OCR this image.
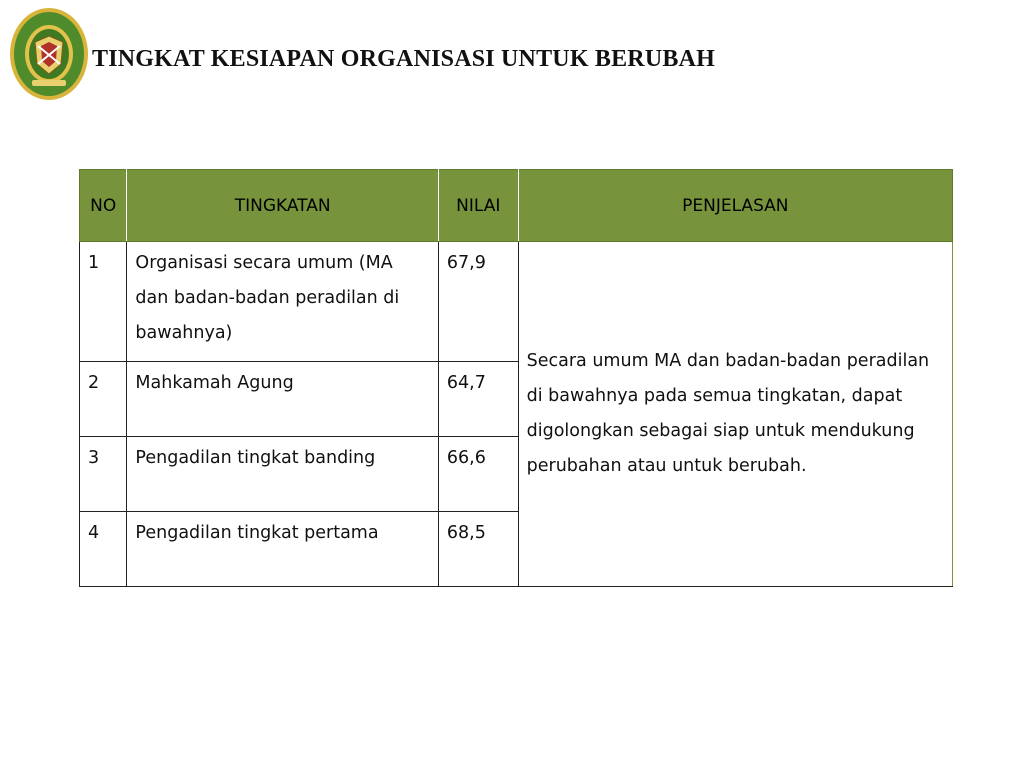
TINGKAT KESIAPAN ORGANISASI UNTUK BERUBAH
NO	TINGKATAN	NILAI	PENJELASAN
1	Organisasi secara umum (MA dan badan-badan peradilan di bawahnya)	67,9	Secara umum MA dan badan-badan peradilan di bawahnya pada semua tingkatan, dapat digolongkan sebagai siap untuk mendukung perubahan atau untuk berubah.
2	Mahkamah Agung	64,7	
3	Pengadilan tingkat banding	66,6	
4	Pengadilan tingkat pertama	68,5	
